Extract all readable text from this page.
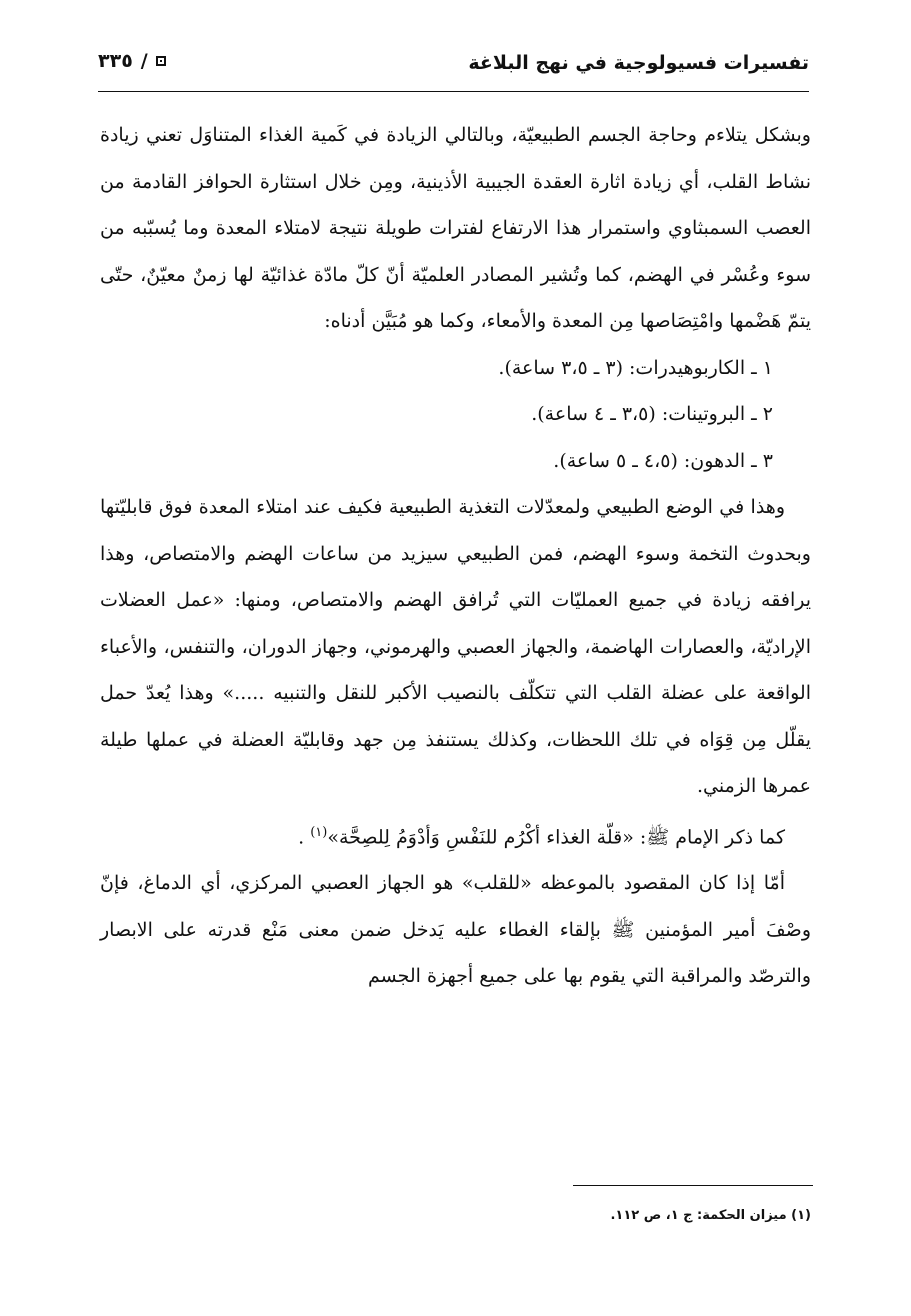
تفسيرات فسيولوجية في نهج البلاغة
٣٣٥ /

وبشكل يتلاءم وحاجة الجسم الطبيعيّة، وبالتالي الزيادة في كَمية الغذاء المتناوَل تعني زيادة نشاط القلب، أي زيادة اثارة العقدة الجيبية الأذينية، ومِن خلال استثارة الحوافز القادمة من العصب السمبثاوي واستمرار هذا الارتفاع لفترات طويلة نتيجة لامتلاء المعدة وما يُسبّبه من سوء وعُسْر في الهضم، كما وتُشير المصادر العلميّة أنّ كلّ مادّة غذائيّة لها زمنٌ معيّنٌ، حتّى يتمّ هَضْمها وامْتِصَاصها مِن المعدة والأمعاء، وكما هو مُبَيَّن أدناه:

١ ـ الكاربوهيدرات: (٣ ـ ٣،٥ ساعة).

٢ ـ البروتينات: (٣،٥ ـ ٤ ساعة).

٣ ـ الدهون: (٤،٥ ـ ٥ ساعة).

وهذا في الوضع الطبيعي ولمعدّلات التغذية الطبيعية فكيف عند امتلاء المعدة فوق قابليّتها وبحدوث التخمة وسوء الهضم، فمن الطبيعي سيزيد من ساعات الهضم والامتصاص، وهذا يرافقه زيادة في جميع العمليّات التي تُرافق الهضم والامتصاص، ومنها: «عمل العضلات الإراديّة، والعصارات الهاضمة، والجهاز العصبي والهرموني، وجهاز الدوران، والتنفس، والأعباء الواقعة على عضلة القلب التي تتكلّف بالنصيب الأكبر للنقل والتنبيه .....» وهذا يُعدّ حمل يقلّل مِن قِوَاه في تلك اللحظات، وكذلك يستنفذ مِن جهد وقابليّة العضلة في عملها طيلة عمرها الزمني.

كما ذكر الإمام ﷺ: «قلّة الغذاء أكْرُم للنَفْسِ وَأدْوَمُ لِلصِحَّة»$^{(١)}$ .

أمّا إذا كان المقصود بالموعظه «للقلب» هو الجهاز العصبي المركزي، أي الدماغ، فإنّ وصْفَ أمير المؤمنين ﷺ بإلقاء الغطاء عليه يَدخل ضمن معنى مَنْع قدرته على الابصار والترصّد والمراقبة التي يقوم بها على جميع أجهزة الجسم

(١) ميزان الحكمة: ج ١، ص ١١٢.
